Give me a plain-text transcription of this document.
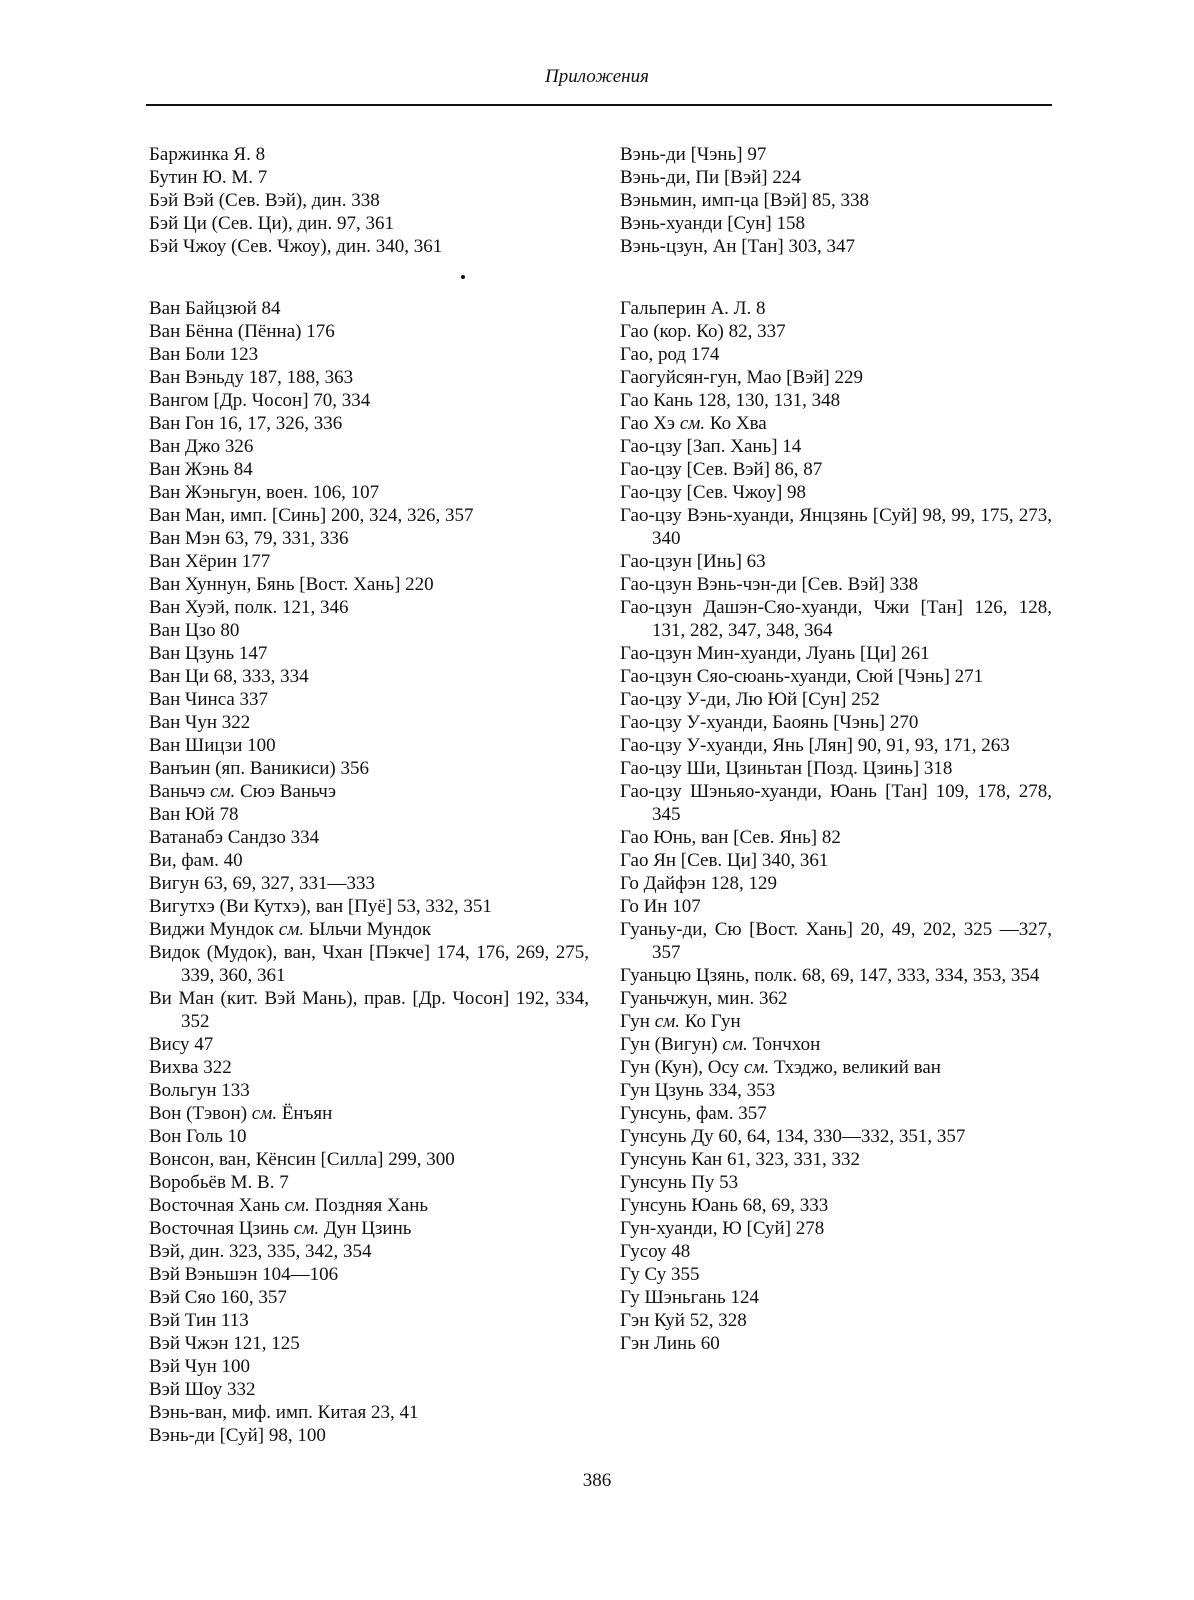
Приложения
Баржинка Я. 8
Бутин Ю. М. 7
Бэй Вэй (Сев. Вэй), дин. 338
Бэй Ци (Сев. Ци), дин. 97, 361
Бэй Чжоу (Сев. Чжоу), дин. 340, 361
Ван Байцзюй 84
Ван Бённа (Пённа) 176
Ван Боли 123
Ван Вэньду 187, 188, 363
Вангом [Др. Чосон] 70, 334
Ван Гон 16, 17, 326, 336
Ван Джо 326
Ван Жэнь 84
Ван Жэньгун, воен. 106, 107
Ван Ман, имп. [Синь] 200, 324, 326, 357
Ван Мэн 63, 79, 331, 336
Ван Хёрин 177
Ван Хуннун, Бянь [Вост. Хань] 220
Ван Хуэй, полк. 121, 346
Ван Цзо 80
Ван Цзунь 147
Ван Ци 68, 333, 334
Ван Чинса 337
Ван Чун 322
Ван Шицзи 100
Ванъин (яп. Ваникиси) 356
Ваньчэ см. Сюэ Ваньчэ
Ван Юй 78
Ватанабэ Сандзо 334
Ви, фам. 40
Вигун 63, 69, 327, 331—333
Вигутхэ (Ви Кутхэ), ван [Пуё] 53, 332, 351
Виджи Мундок см. Ыльчи Мундок
Видок (Мудок), ван, Чхан [Пэкче] 174, 176, 269, 275, 339, 360, 361
Ви Ман (кит. Вэй Мань), прав. [Др. Чосон] 192, 334, 352
Вису 47
Вихва 322
Вольгун 133
Вон (Тэвон) см. Ёнъян
Вон Голь 10
Вонсон, ван, Кёнсин [Силла] 299, 300
Воробьёв М. В. 7
Восточная Хань см. Поздняя Хань
Восточная Цзинь см. Дун Цзинь
Вэй, дин. 323, 335, 342, 354
Вэй Вэньшэн 104—106
Вэй Сяо 160, 357
Вэй Тин 113
Вэй Чжэн 121, 125
Вэй Чун 100
Вэй Шоу 332
Вэнь-ван, миф. имп. Китая 23, 41
Вэнь-ди [Суй] 98, 100
Вэнь-ди [Чэнь] 97
Вэнь-ди, Пи [Вэй] 224
Вэньмин, имп-ца [Вэй] 85, 338
Вэнь-хуанди [Сун] 158
Вэнь-цзун, Ан [Тан] 303, 347
Гальперин А. Л. 8
Гао (кор. Ко) 82, 337
Гао, род 174
Гаогуйсян-гун, Мао [Вэй] 229
Гао Кань 128, 130, 131, 348
Гао Хэ см. Ко Хва
Гао-цзу [Зап. Хань] 14
Гао-цзу [Сев. Вэй] 86, 87
Гао-цзу [Сев. Чжоу] 98
Гао-цзу Вэнь-хуанди, Янцзянь [Суй] 98, 99, 175, 273, 340
Гао-цзун [Инь] 63
Гао-цзун Вэнь-чэн-ди [Сев. Вэй] 338
Гао-цзун Дашэн-Сяо-хуанди, Чжи [Тан] 126, 128, 131, 282, 347, 348, 364
Гао-цзун Мин-хуанди, Луань [Ци] 261
Гао-цзун Сяо-сюань-хуанди, Сюй [Чэнь] 271
Гао-цзу У-ди, Лю Юй [Сун] 252
Гао-цзу У-хуанди, Баоянь [Чэнь] 270
Гао-цзу У-хуанди, Янь [Лян] 90, 91, 93, 171, 263
Гао-цзу Ши, Цзиньтан [Позд. Цзинь] 318
Гао-цзу Шэньяо-хуанди, Юань [Тан] 109, 178, 278, 345
Гао Юнь, ван [Сев. Янь] 82
Гао Ян [Сев. Ци] 340, 361
Го Дайфэн 128, 129
Го Ин 107
Гуаньу-ди, Сю [Вост. Хань] 20, 49, 202, 325 —327, 357
Гуаньцю Цзянь, полк. 68, 69, 147, 333, 334, 353, 354
Гуаньчжун, мин. 362
Гун см. Ко Гун
Гун (Вигун) см. Тончхон
Гун (Кун), Осу см. Тхэджо, великий ван
Гун Цзунь 334, 353
Гунсунь, фам. 357
Гунсунь Ду 60, 64, 134, 330—332, 351, 357
Гунсунь Кан 61, 323, 331, 332
Гунсунь Пу 53
Гунсунь Юань 68, 69, 333
Гун-хуанди, Ю [Суй] 278
Гусоу 48
Гу Су 355
Гу Шэньгань 124
Гэн Куй 52, 328
Гэн Линь 60
386
